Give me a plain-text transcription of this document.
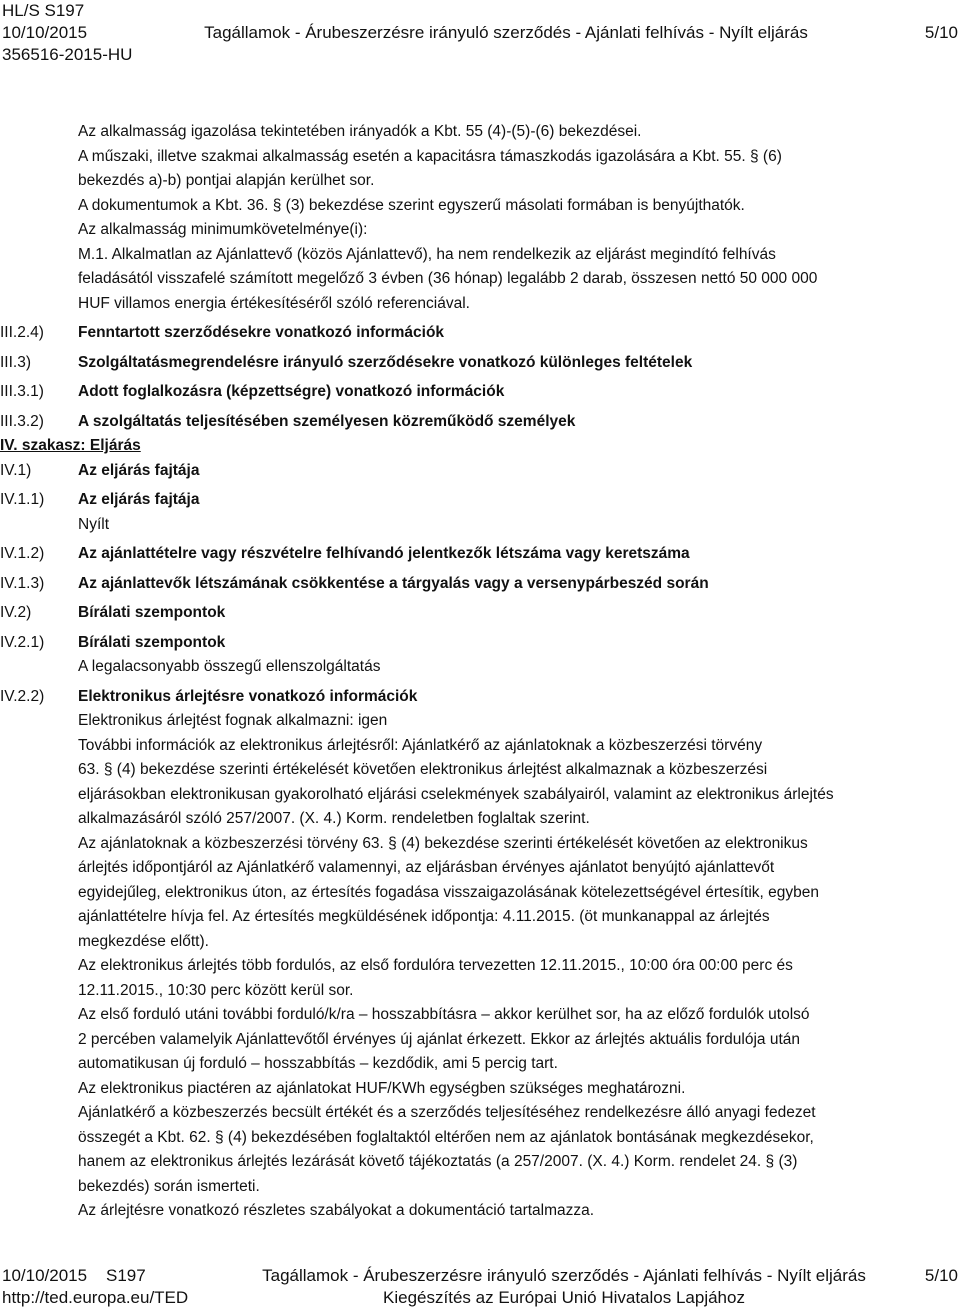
HL/S S197
10/10/2015	Tagállamok - Árubeszerzésre irányuló szerződés - Ajánlati felhívás - Nyílt eljárás	5/10
356516-2015-HU
Az alkalmasság igazolása tekintetében irányadók a Kbt. 55 (4)-(5)-(6) bekezdései.
A műszaki, illetve szakmai alkalmasság esetén a kapacitásra támaszkodás igazolására a Kbt. 55. § (6)
bekezdés a)-b) pontjai alapján kerülhet sor.
A dokumentumok a Kbt. 36. § (3) bekezdése szerint egyszerű másolati formában is benyújthatók.
Az alkalmasság minimumkövetelménye(i):
M.1. Alkalmatlan az Ajánlattevő (közös Ajánlattevő), ha nem rendelkezik az eljárást megindító felhívás
feladásától visszafelé számított megelőző 3 évben (36 hónap) legalább 2 darab, összesen nettó 50 000 000
HUF villamos energia értékesítéséről szóló referenciával.
III.2.4)	Fenntartott szerződésekre vonatkozó információk
III.3)	Szolgáltatásmegrendelésre irányuló szerződésekre vonatkozó különleges feltételek
III.3.1)	Adott foglalkozásra (képzettségre) vonatkozó információk
III.3.2)	A szolgáltatás teljesítésében személyesen közreműködő személyek
IV. szakasz: Eljárás
IV.1)	Az eljárás fajtája
IV.1.1)	Az eljárás fajtája
Nyílt
IV.1.2)	Az ajánlattételre vagy részvételre felhívandó jelentkezők létszáma vagy keretszáma
IV.1.3)	Az ajánlattevők létszámának csökkentése a tárgyalás vagy a versenypárbeszéd során
IV.2)	Bírálati szempontok
IV.2.1)	Bírálati szempontok
A legalacsonyabb összegű ellenszolgáltatás
IV.2.2)	Elektronikus árlejtésre vonatkozó információk
Elektronikus árlejtést fognak alkalmazni: igen
További információk az elektronikus árlejtésről: Ajánlatkérő az ajánlatoknak a közbeszerzési törvény
63. § (4) bekezdése szerinti értékelését követően elektronikus árlejtést alkalmaznak a közbeszerzési
eljárásokban elektronikusan gyakorolható eljárási cselekmények szabályairól, valamint az elektronikus árlejtés
alkalmazásáról szóló 257/2007. (X. 4.) Korm. rendeletben foglaltak szerint.
Az ajánlatoknak a közbeszerzési törvény 63. § (4) bekezdése szerinti értékelését követően az elektronikus
árlejtés időpontjáról az Ajánlatkérő valamennyi, az eljárásban érvényes ajánlatot benyújtó ajánlattevőt
egyidejűleg, elektronikus úton, az értesítés fogadása visszaigazolásának kötelezettségével értesítik, egyben
ajánlattételre hívja fel. Az értesítés megküldésének időpontja: 4.11.2015. (öt munkanappal az árlejtés
megkezdése előtt).
Az elektronikus árlejtés több fordulós, az első fordulóra tervezetten 12.11.2015., 10:00 óra 00:00 perc és
12.11.2015., 10:30 perc között kerül sor.
Az első forduló utáni további forduló/k/ra – hosszabbításra – akkor kerülhet sor, ha az előző fordulók utolsó
2 percében valamelyik Ajánlattevőtől érvényes új ajánlat érkezett. Ekkor az árlejtés aktuális fordulója után
automatikusan új forduló – hosszabbítás – kezdődik, ami 5 percig tart.
Az elektronikus piactéren az ajánlatokat HUF/KWh egységben szükséges meghatározni.
Ajánlatkérő a közbeszerzés becsült értékét és a szerződés teljesítéséhez rendelkezésre álló anyagi fedezet
összegét a Kbt. 62. § (4) bekezdésében foglaltaktól eltérően nem az ajánlatok bontásának megkezdésekor,
hanem az elektronikus árlejtés lezárását követő tájékoztatás (a 257/2007. (X. 4.) Korm. rendelet 24. § (3)
bekezdés) során ismerteti.
Az árlejtésre vonatkozó részletes szabályokat a dokumentáció tartalmazza.
10/10/2015 S197	Tagállamok - Árubeszerzésre irányuló szerződés - Ajánlati felhívás - Nyílt eljárás	5/10
http://ted.europa.eu/TED	Kiegészítés az Európai Unió Hivatalos Lapjához
